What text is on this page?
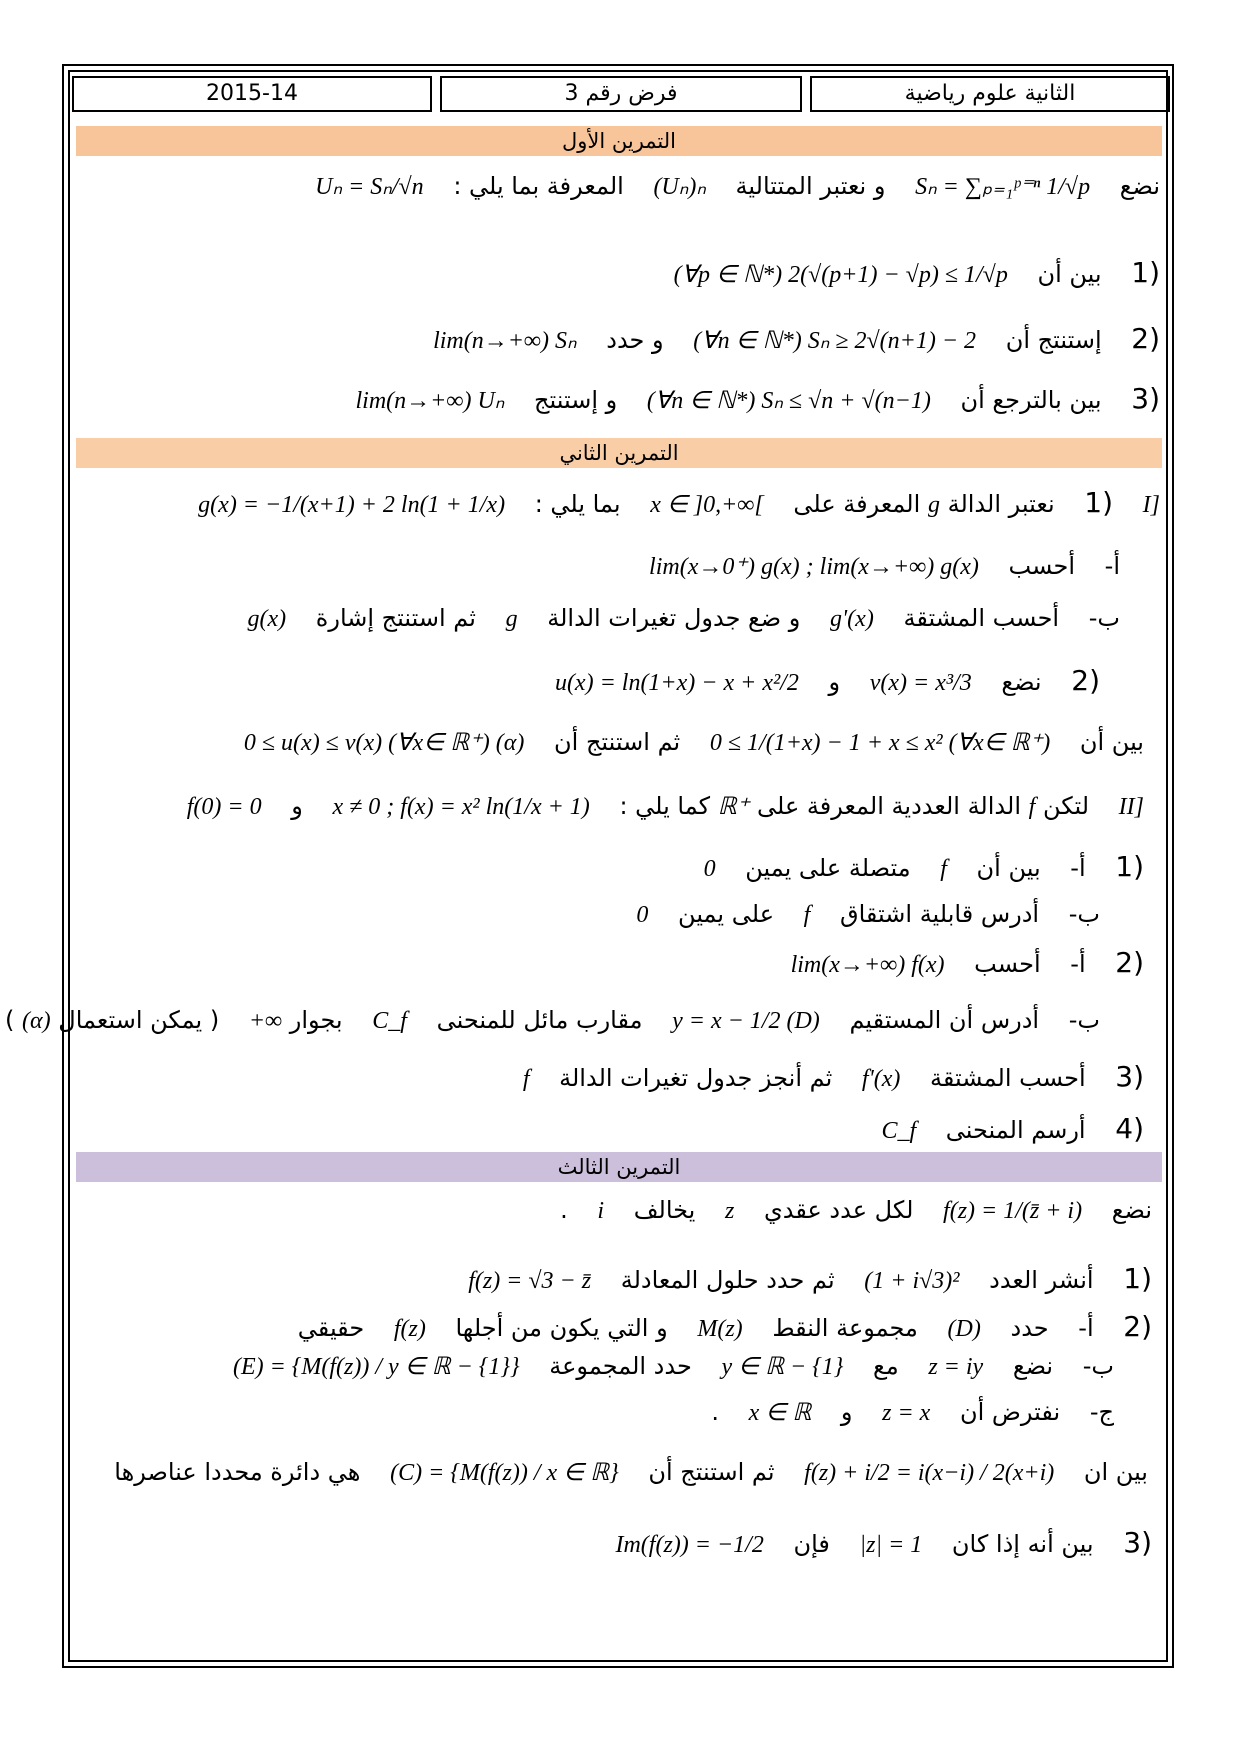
الثانية علوم رياضية
فرض رقم 3
2015-14
التمرين الأول
نضع Sₙ = ∑ₚ₌₁ᵖ⁼ⁿ 1/√p و نعتبر المتتالية (Uₙ)ₙ المعرفة بما يلي : Uₙ = Sₙ/√n
1) بين أن (∀p ∈ ℕ*) 2(√(p+1) − √p) ≤ 1/√p
2) إستنتج أن (∀n ∈ ℕ*) Sₙ ≥ 2√(n+1) − 2 و حدد lim(n→+∞) Sₙ
3) بين بالترجع أن (∀n ∈ ℕ*) Sₙ ≤ √n + √(n−1) و إستنتج lim(n→+∞) Uₙ
التمرين الثاني
I] 1) نعتبر الدالة g المعرفة على x ∈ ]0,+∞[ بما يلي : g(x) = −1/(x+1) + 2 ln(1 + 1/x)
أ- أحسب lim(x→0⁺) g(x) ; lim(x→+∞) g(x)
ب- أحسب المشتقة g'(x) و ضع جدول تغيرات الدالة g ثم استنتج إشارة g(x)
2) نضع v(x) = x³/3 و u(x) = ln(1+x) − x + x²/2
بين أن 0 ≤ 1/(1+x) − 1 + x ≤ x² (∀x∈ ℝ⁺) ثم استنتج أن 0 ≤ u(x) ≤ v(x) (∀x∈ ℝ⁺) (α)
II] لتكن f الدالة العددية المعرفة على ℝ⁺ كما يلي : x ≠ 0 ; f(x) = x² ln(1/x + 1) و f(0) = 0
1) أ- بين أن f متصلة على يمين 0
ب- أدرس قابلية اشتقاق f على يمين 0
2) أ- أحسب lim(x→+∞) f(x)
ب- أدرس أن المستقيم y = x − 1/2 (D) مقارب مائل للمنحنى C_f بجوار +∞ ( يمكن استعمال (α) )
3) أحسب المشتقة f'(x) ثم أنجز جدول تغيرات الدالة f
4) أرسم المنحنى C_f
التمرين الثالث
نضع f(z) = 1/(z̄ + i) لكل عدد عقدي z يخالف i .
1) أنشر العدد (1 + i√3)² ثم حدد حلول المعادلة f(z) = √3 − z̄
2) أ- حدد (D) مجموعة النقط M(z) و التي يكون من أجلها f(z) حقيقي
ب- نضع z = iy مع y ∈ ℝ − {1} حدد المجموعة (E) = {M(f(z)) / y ∈ ℝ − {1}}
ج- نفترض أن z = x و x ∈ ℝ .
بين ان f(z) + i/2 = i(x−i) / 2(x+i) ثم استنتج أن (C) = {M(f(z)) / x ∈ ℝ} هي دائرة محددا عناصرها
3) بين أنه إذا كان |z| = 1 فإن Im(f(z)) = −1/2
